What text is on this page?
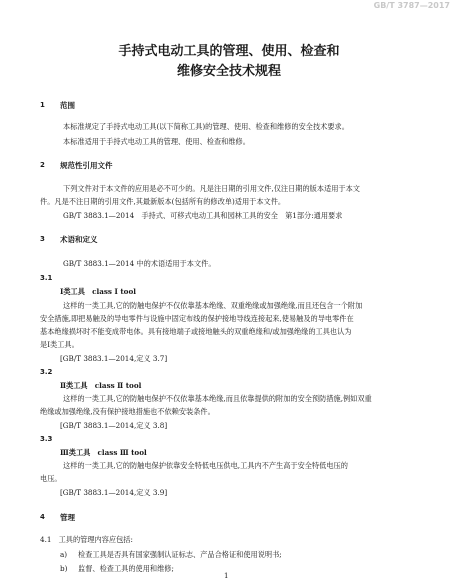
GB/T 3787—2017
手持式电动工具的管理、使用、检查和
维修安全技术规程
1 范围
本标准规定了手持式电动工具(以下简称工具)的管理、使用、检查和维修的安全技术要求。
本标准适用于手持式电动工具的管理、使用、检查和维修。
2 规范性引用文件
下列文件对于本文件的应用是必不可少的。凡是注日期的引用文件,仅注日期的版本适用于本文
件。凡是不注日期的引用文件,其最新版本(包括所有的修改单)适用于本文件。
GB/T 3883.1—2014　手持式、可移式电动工具和园林工具的安全　第1部分:通用要求
3 术语和定义
GB/T 3883.1—2014 中的术语适用于本文件。
3.1
Ⅰ类工具　class Ⅰ tool
这样的一类工具,它的防触电保护不仅依靠基本绝缘、双重绝缘或加强绝缘,而且还包含一个附加
安全措施,即把易触及的导电零件与设施中固定布线的保护接地导线连接起来,使易触及的导电零件在
基本绝缘损坏时不能变成带电体。具有接地端子或接地触头的双重绝缘和/或加强绝缘的工具也认为
是Ⅰ类工具。
[GB/T 3883.1—2014,定义 3.7]
3.2
Ⅱ类工具　class Ⅱ tool
这样的一类工具,它的防触电保护不仅依靠基本绝缘,而且依靠提供的附加的安全预防措施,例如双重
绝缘或加强绝缘,没有保护接地措施也不依赖安装条件。
[GB/T 3883.1—2014,定义 3.8]
3.3
Ⅲ类工具　class Ⅲ tool
这样的一类工具,它的防触电保护依靠安全特低电压供电,工具内不产生高于安全特低电压的
电压。
[GB/T 3883.1—2014,定义 3.9]
4 管理
4.1　工具的管理内容应包括:
a) 检查工具是否具有国家强制认证标志、产品合格证和使用说明书;
b) 监督、检查工具的使用和维修;
1
